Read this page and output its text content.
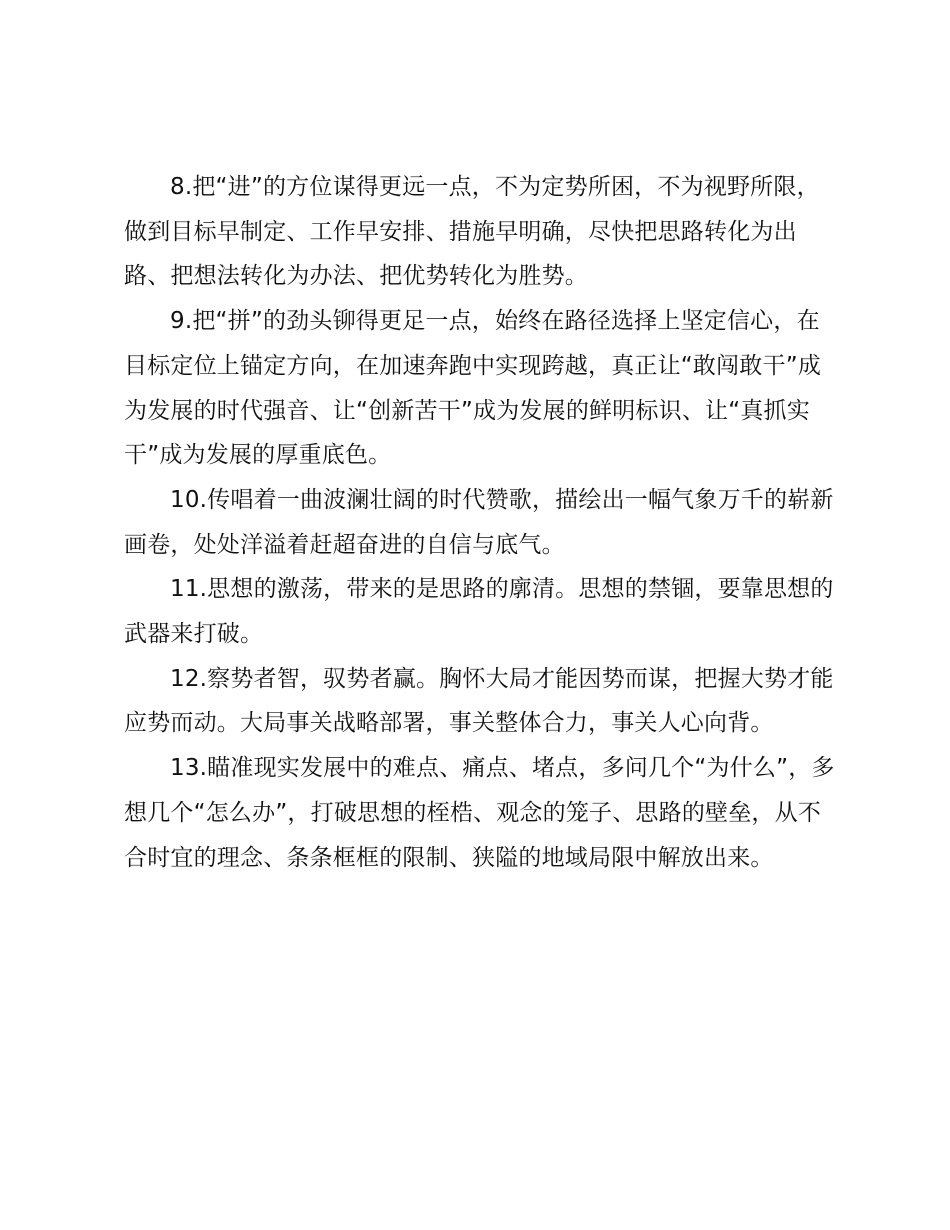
8.把“进”的方位谋得更远一点，不为定势所困，不为视野所限，做到目标早制定、工作早安排、措施早明确，尽快把思路转化为出路、把想法转化为办法、把优势转化为胜势。

9.把“拼”的劲头铆得更足一点，始终在路径选择上坚定信心，在目标定位上锚定方向，在加速奔跑中实现跨越，真正让“敢闯敢干”成为发展的时代强音、让“创新苦干”成为发展的鲜明标识、让“真抓实干”成为发展的厚重底色。

10.传唱着一曲波澜壮阔的时代赞歌，描绘出一幅气象万千的崭新画卷，处处洋溢着赶超奋进的自信与底气。

11.思想的激荡，带来的是思路的廓清。思想的禁锢，要靠思想的武器来打破。

12.察势者智，驭势者赢。胸怀大局才能因势而谋，把握大势才能应势而动。大局事关战略部署，事关整体合力，事关人心向背。

13.瞄准现实发展中的难点、痛点、堵点，多问几个“为什么”，多想几个“怎么办”，打破思想的桎梏、观念的笼子、思路的壁垒，从不合时宜的理念、条条框框的限制、狭隘的地域局限中解放出来。
